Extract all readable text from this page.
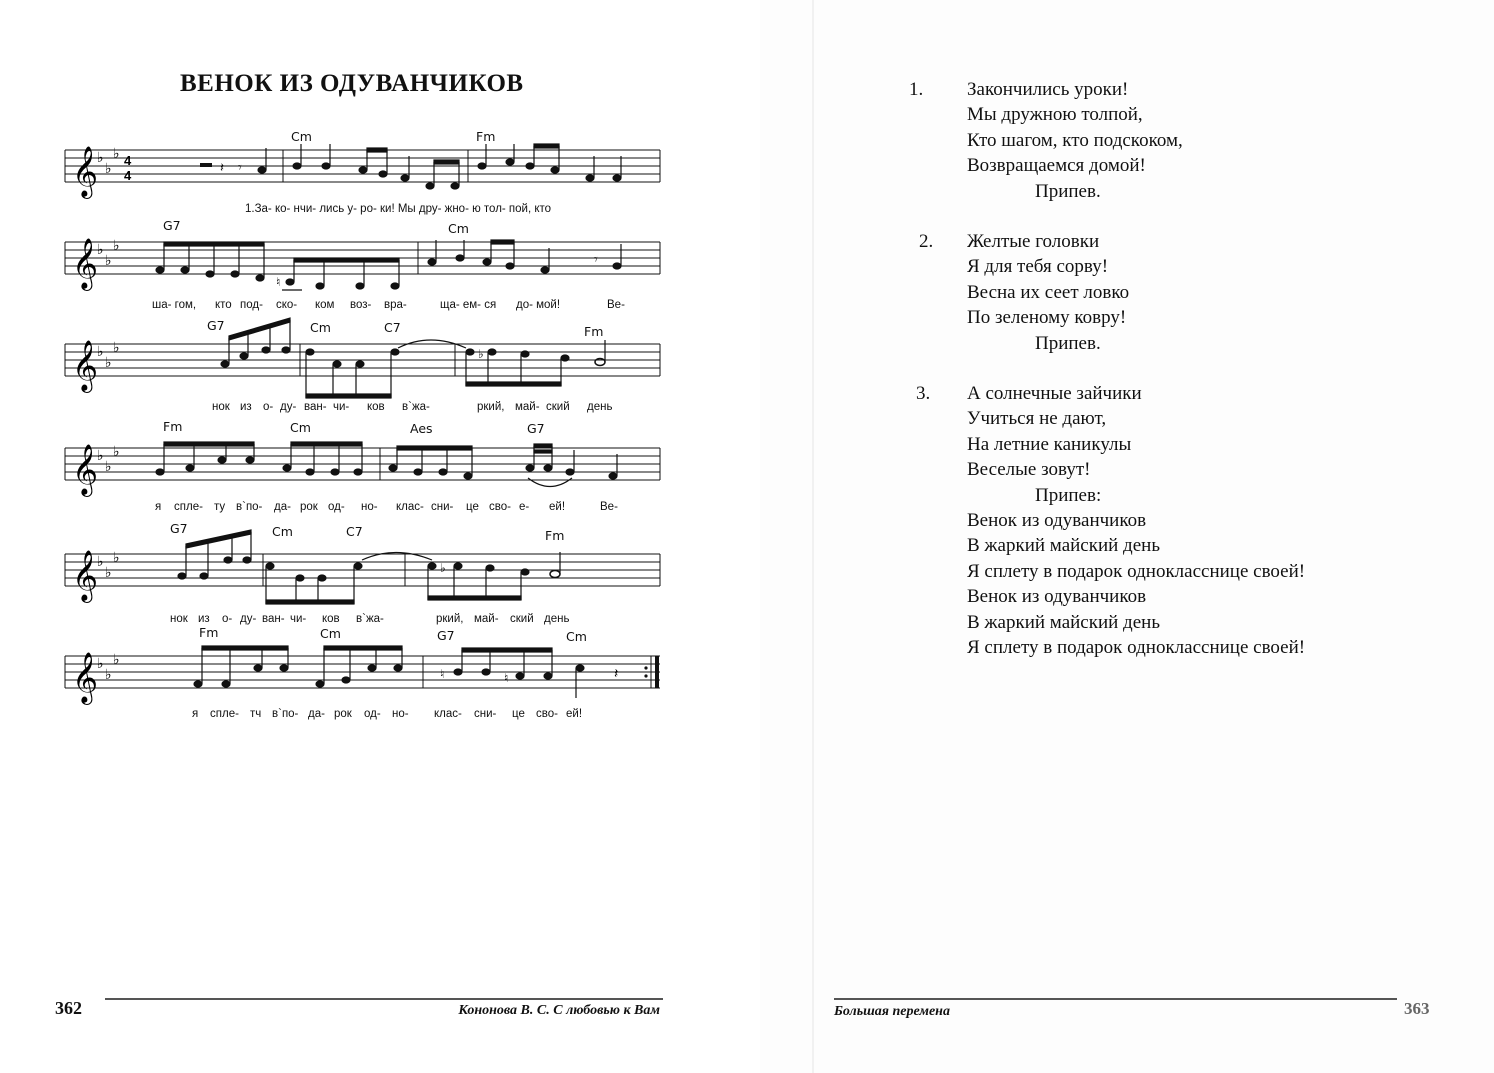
ВЕНОК ИЗ ОДУВАНЧИКОВ
𝄞
♭
♭
♭ 4
4
𝄽 𝄾
Cm	Fm
1.За- ко- нчи- лись у- ро- ки! Мы дру- жно- ю тол- пой, кто
𝄞
♭
♭
♭
𝄾
♮
G7	Cm
ша- гом, кто под- ско- ком воз- вра-	ща- ем- ся до- мой!	Ве-
𝄞
♭
♭
♭	♭
G7	Cm	C7	Fm
нок из о- ду- ван- чи- ков в`жа-	ркий, май- ский день
𝄞
♭
♭
♭
Fm	Cm	Aes	G7
я спле- ту в`по- да- рок од- но- клас- сни- це сво- е- ей!	Ве-
𝄞
♭
♭
♭
♭
G7	Cm	C7	Fm
нок из о- ду- ван- чи- ков в`жа-	ркий, май- ский день
𝄞
♭
♭
♭
♮	♮	𝄽
Fm	Cm	G7	Cm
я спле- тч в`по- да- рок од- но- клас- сни- це сво- ей!
362	Кононова В. С. С любовью к Вам
1. Закончились уроки!
Мы дружною толпой,
Кто шагом, кто подскоком,
Возвращаемся домой!
Припев.
2. Желтые головки
Я для тебя сорву!
Весна их сеет ловко
По зеленому ковру!
Припев.
3. А солнечные зайчики
Учиться не дают,
На летние каникулы
Веселые зовут!
Припев:
Венок из одуванчиков
В жаркий майский день
Я сплету в подарок однокласснице своей!
Венок из одуванчиков
В жаркий майский день
Я сплету в подарок однокласснице своей!
Большая перемена	363
